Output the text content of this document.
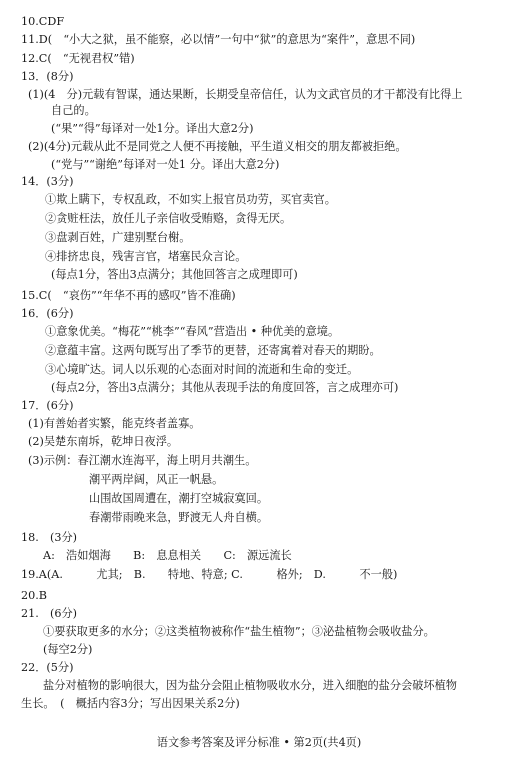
10.CDF
11.D(　“小大之狱，虽不能察，必以情”一句中“狱”的意思为“案件”，意思不同)
12.C(　“无视君权”错)
13．(8分)
(1)(4　分)元载有智谋，通达果断，长期受皇帝信任，认为文武官员的才干都没有比得上
自己的。
(“果”“得”每译对一处1分。译出大意2分)
(2)(4分)元载从此不是同党之人便不再接触，平生道义相交的朋友都被拒绝。
(“党与”“谢绝”每译对一处1 分。译出大意2分)
14．(3分)
①欺上瞒下，专权乱政，不如实上报官员功劳，买官卖官。
②贪赃枉法，放任儿子亲信收受贿赂，贪得无厌。
③盘剥百姓，广建别墅台榭。
④排挤忠良，残害言官，堵塞民众言论。
(每点1分，答出3点满分；其他回答言之成理即可)
15.C(　“哀伤”“年华不再的感叹”皆不准确)
16．(6分)
①意象优美。“梅花”“桃李”“春风”营造出 • 种优美的意境。
②意蕴丰富。这两句既写出了季节的更替，还寄寓着对春天的期盼。
③心境旷达。词人以乐观的心态面对时间的流逝和生命的变迁。
(每点2分，答出3点满分；其他从表现手法的角度回答，言之成理亦可)
17．(6分)
(1)有善始者实繁，能克终者盖寡。
(2)吴楚东南坼，乾坤日夜浮。
(3)示例：春江潮水连海平，海上明月共潮生。
潮平两岸阔，风正一帆悬。
山围故国周遭在，潮打空城寂寞回。
春潮带雨晚来急，野渡无人舟自横。
18.　(3分)
A:　浩如烟海　　B:　息息相关　　C:　源远流长
19.A(A.　　　尤其;　B.　　特地、特意; C.　　　格外;　D.　　　不一般)
20.B
21.　(6分)
①要获取更多的水分；②这类植物被称作“盐生植物”；③泌盐植物会吸收盐分。
(每空2分)
22．(5分)
盐分对植物的影响很大，因为盐分会阻止植物吸收水分，进入细胞的盐分会破坏植物
生长。　(　概括内容3分；写出因果关系2分)
语文参考答案及评分标准 • 第2页(共4页)
